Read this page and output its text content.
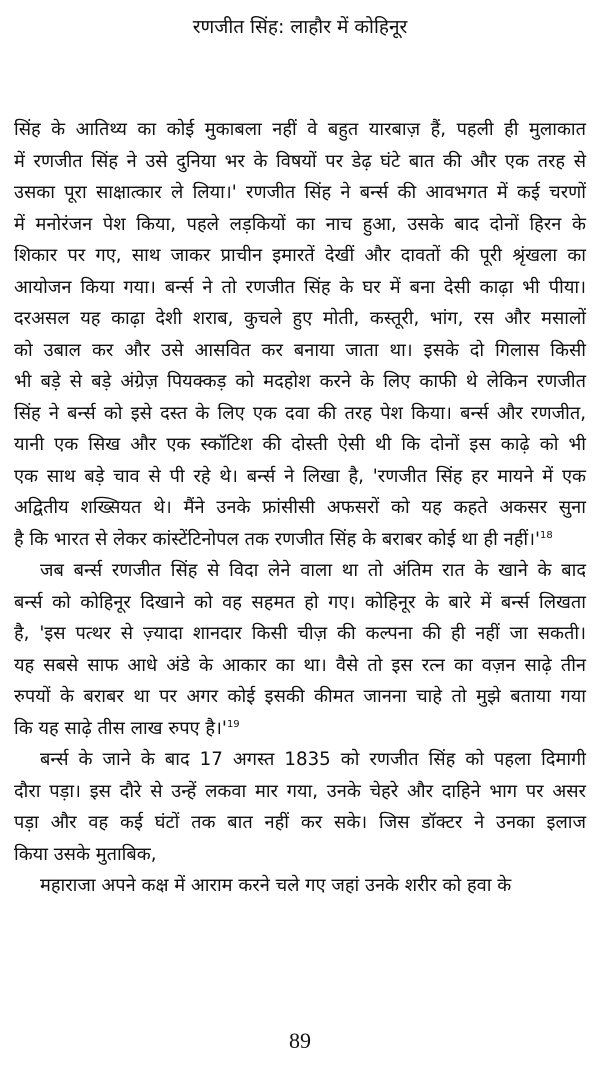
रणजीत सिंह: लाहौर में कोहिनूर
सिंह के आतिथ्य का कोई मुकाबला नहीं वे बहुत यारबाज़ हैं, पहली ही मुलाकात
में रणजीत सिंह ने उसे दुनिया भर के विषयों पर डेढ़ घंटे बात की और एक तरह से
उसका पूरा साक्षात्कार ले लिया।' रणजीत सिंह ने बर्न्स की आवभगत में कई चरणों
में मनोरंजन पेश किया, पहले लड़कियों का नाच हुआ, उसके बाद दोनों हिरन के
शिकार पर गए, साथ जाकर प्राचीन इमारतें देखीं और दावतों की पूरी श्रृंखला का
आयोजन किया गया। बर्न्स ने तो रणजीत सिंह के घर में बना देसी काढ़ा भी पीया।
दरअसल यह काढ़ा देशी शराब, कुचले हुए मोती, कस्तूरी, भांग, रस और मसालों
को उबाल कर और उसे आसवित कर बनाया जाता था। इसके दो गिलास किसी
भी बड़े से बड़े अंग्रेज़ पियक्कड़ को मदहोश करने के लिए काफी थे लेकिन रणजीत
सिंह ने बर्न्स को इसे दस्त के लिए एक दवा की तरह पेश किया। बर्न्स और रणजीत,
यानी एक सिख और एक स्कॉटिश की दोस्ती ऐसी थी कि दोनों इस काढ़े को भी
एक साथ बड़े चाव से पी रहे थे। बर्न्स ने लिखा है, 'रणजीत सिंह हर मायने में एक
अद्वितीय शख्सियत थे। मैंने उनके फ्रांसीसी अफसरों को यह कहते अकसर सुना
है कि भारत से लेकर कांस्टेंटिनोपल तक रणजीत सिंह के बराबर कोई था ही नहीं।'$^{18}$
जब बर्न्स रणजीत सिंह से विदा लेने वाला था तो अंतिम रात के खाने के बाद
बर्न्स को कोहिनूर दिखाने को वह सहमत हो गए। कोहिनूर के बारे में बर्न्स लिखता
है, 'इस पत्थर से ज़्यादा शानदार किसी चीज़ की कल्पना की ही नहीं जा सकती।
यह सबसे साफ आधे अंडे के आकार का था। वैसे तो इस रत्न का वज़न साढ़े तीन
रुपयों के बराबर था पर अगर कोई इसकी कीमत जानना चाहे तो मुझे बताया गया
कि यह साढ़े तीस लाख रुपए है।'$^{19}$
बर्न्स के जाने के बाद 17 अगस्त 1835 को रणजीत सिंह को पहला दिमागी
दौरा पड़ा। इस दौरे से उन्हें लकवा मार गया, उनके चेहरे और दाहिने भाग पर असर
पड़ा और वह कई घंटों तक बात नहीं कर सके। जिस डॉक्टर ने उनका इलाज
किया उसके मुताबिक,
महाराजा अपने कक्ष में आराम करने चले गए जहां उनके शरीर को हवा के
89
